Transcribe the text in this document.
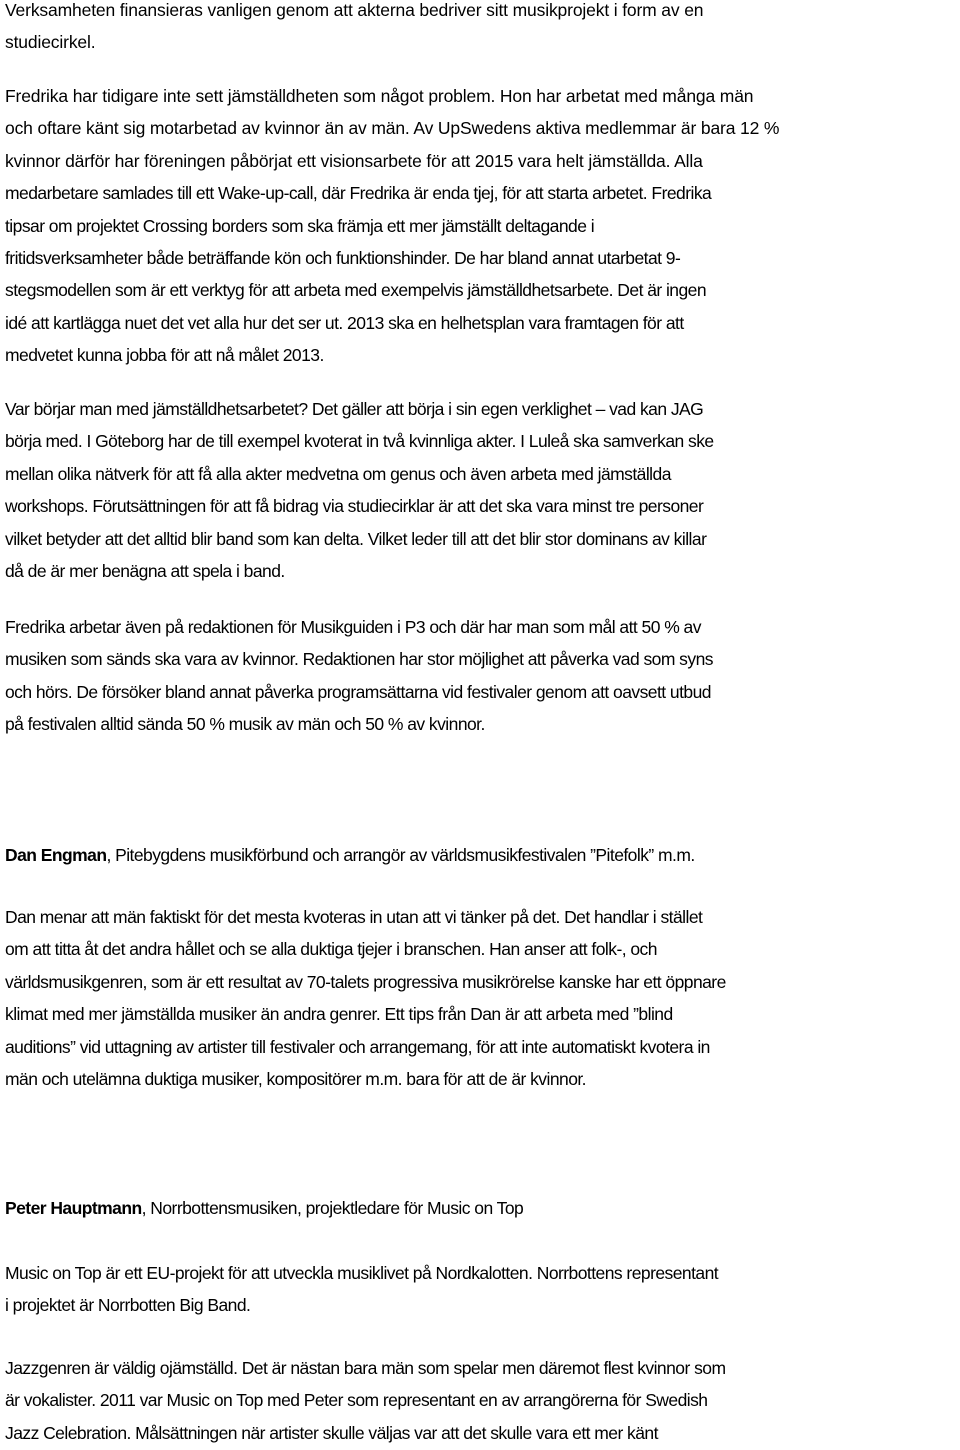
Verksamheten finansieras vanligen genom att akterna bedriver sitt musikprojekt i form av en
studiecirkel.

Fredrika har tidigare inte sett jämställdheten som något problem. Hon har arbetat med många män
och oftare känt sig motarbetad av kvinnor än av män. Av UpSwedens aktiva medlemmar är bara 12 %
kvinnor därför har föreningen påbörjat ett visionsarbete för att 2015 vara helt jämställda. Alla
medarbetare samlades till ett Wake-up-call, där Fredrika är enda tjej, för att starta arbetet. Fredrika
tipsar om projektet Crossing borders som ska främja ett mer jämställt deltagande i
fritidsverksamheter både beträffande kön och funktionshinder. De har bland annat utarbetat 9-
stegsmodellen som är ett verktyg för att arbeta med exempelvis jämställdhetsarbete. Det är ingen
idé att kartlägga nuet det vet alla hur det ser ut. 2013 ska en helhetsplan vara framtagen för att
medvetet kunna jobba för att nå målet 2013.

Var börjar man med jämställdhetsarbetet? Det gäller att börja i sin egen verklighet – vad kan JAG
börja med. I Göteborg har de till exempel kvoterat in två kvinnliga akter. I Luleå ska samverkan ske
mellan olika nätverk för att få alla akter medvetna om genus och även arbeta med jämställda
workshops. Förutsättningen för att få bidrag via studiecirklar är att det ska vara minst tre personer
vilket betyder att det alltid blir band som kan delta. Vilket leder till att det blir stor dominans av killar
då de är mer benägna att spela i band.

Fredrika arbetar även på redaktionen för Musikguiden i P3 och där har man som mål att 50 % av
musiken som sänds ska vara av kvinnor. Redaktionen har stor möjlighet att påverka vad som syns
och hörs. De försöker bland annat påverka programsättarna vid festivaler genom att oavsett utbud
på festivalen alltid sända 50 % musik av män och 50 % av kvinnor.

Dan Engman, Pitebygdens musikförbund och arrangör av världsmusikfestivalen ”Pitefolk” m.m.

Dan menar att män faktiskt för det mesta kvoteras in utan att vi tänker på det. Det handlar i stället
om att titta åt det andra hållet och se alla duktiga tjejer i branschen. Han anser att folk-, och
världsmusikgenren, som är ett resultat av 70-talets progressiva musikrörelse kanske har ett öppnare
klimat med mer jämställda musiker än andra genrer. Ett tips från Dan är att arbeta med ”blind
auditions” vid uttagning av artister till festivaler och arrangemang, för att inte automatiskt kvotera in
män och utelämna duktiga musiker, kompositörer m.m. bara för att de är kvinnor.

Peter Hauptmann, Norrbottensmusiken, projektledare för Music on Top

Music on Top är ett EU-projekt för att utveckla musiklivet på Nordkalotten. Norrbottens representant
i projektet är Norrbotten Big Band.

Jazzgenren är väldig ojämställd. Det är nästan bara män som spelar men däremot flest kvinnor som
är vokalister. 2011 var Music on Top med Peter som representant en av arrangörerna för Swedish
Jazz Celebration. Målsättningen när artister skulle väljas var att det skulle vara ett mer känt
